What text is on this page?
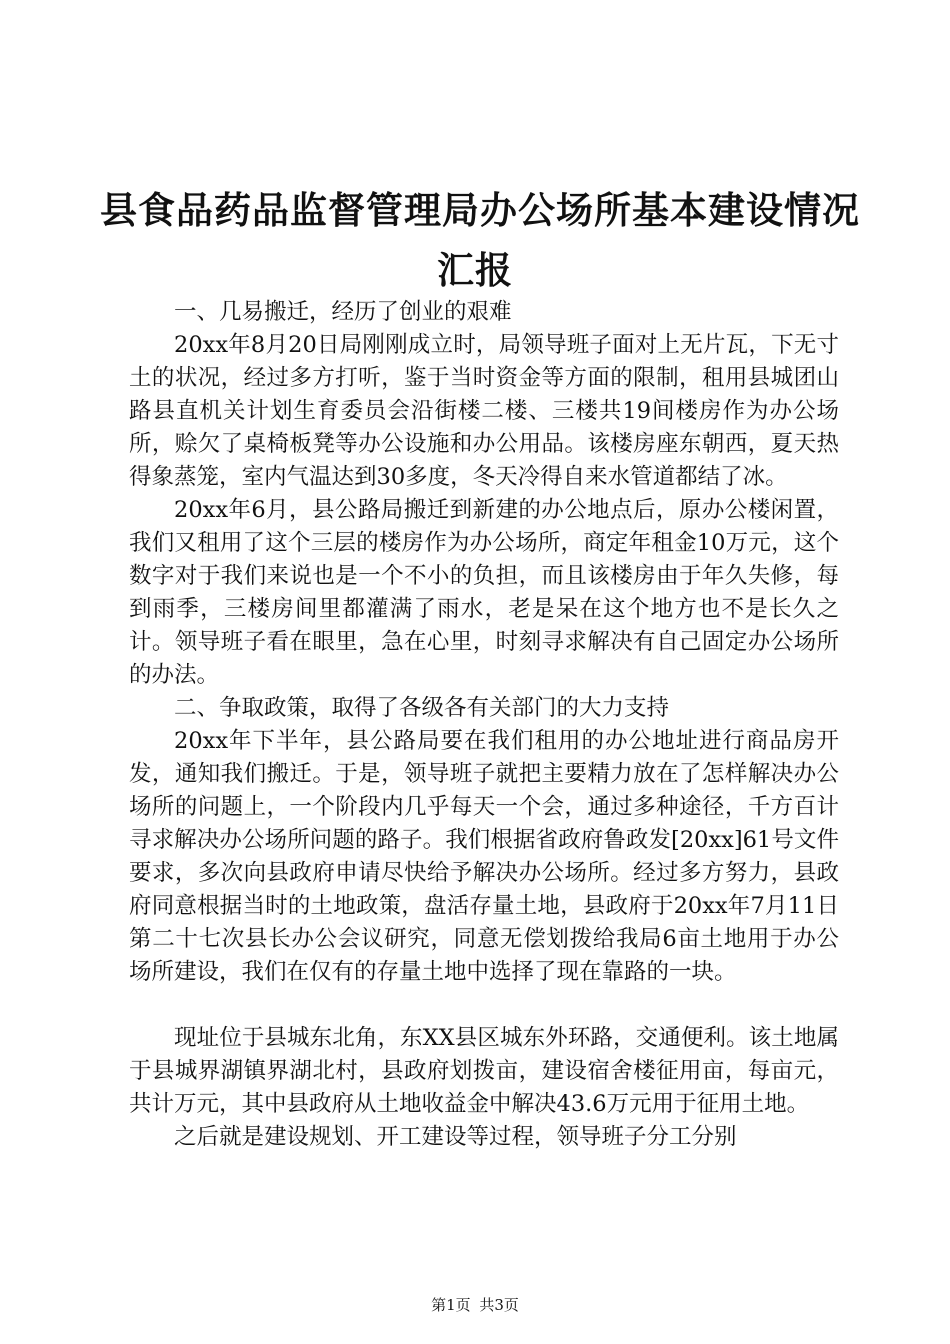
县食品药品监督管理局办公场所基本建设情况
汇报

一、几易搬迁，经历了创业的艰难

20xx年8月20日局刚刚成立时，局领导班子面对上无片瓦，下无寸土的状况，经过多方打听，鉴于当时资金等方面的限制，租用县城团山路县直机关计划生育委员会沿街楼二楼、三楼共19间楼房作为办公场所，赊欠了桌椅板凳等办公设施和办公用品。该楼房座东朝西，夏天热得象蒸笼，室内气温达到30多度，冬天冷得自来水管道都结了冰。

20xx年6月，县公路局搬迁到新建的办公地点后，原办公楼闲置，我们又租用了这个三层的楼房作为办公场所，商定年租金10万元，这个数字对于我们来说也是一个不小的负担，而且该楼房由于年久失修，每到雨季，三楼房间里都灌满了雨水，老是呆在这个地方也不是长久之计。领导班子看在眼里，急在心里，时刻寻求解决有自己固定办公场所的办法。

二、争取政策，取得了各级各有关部门的大力支持

20xx年下半年，县公路局要在我们租用的办公地址进行商品房开发，通知我们搬迁。于是，领导班子就把主要精力放在了怎样解决办公场所的问题上，一个阶段内几乎每天一个会，通过多种途径，千方百计寻求解决办公场所问题的路子。我们根据省政府鲁政发[20xx]61号文件要求，多次向县政府申请尽快给予解决办公场所。经过多方努力，县政府同意根据当时的土地政策，盘活存量土地，县政府于20xx年7月11日第二十七次县长办公会议研究，同意无偿划拨给我局6亩土地用于办公场所建设，我们在仅有的存量土地中选择了现在靠路的一块。

现址位于县城东北角，东XX县区城东外环路，交通便利。该土地属于县城界湖镇界湖北村，县政府划拨亩，建设宿舍楼征用亩，每亩元，共计万元，其中县政府从土地收益金中解决43.6万元用于征用土地。

之后就是建设规划、开工建设等过程，领导班子分工分别

第1页 共3页
